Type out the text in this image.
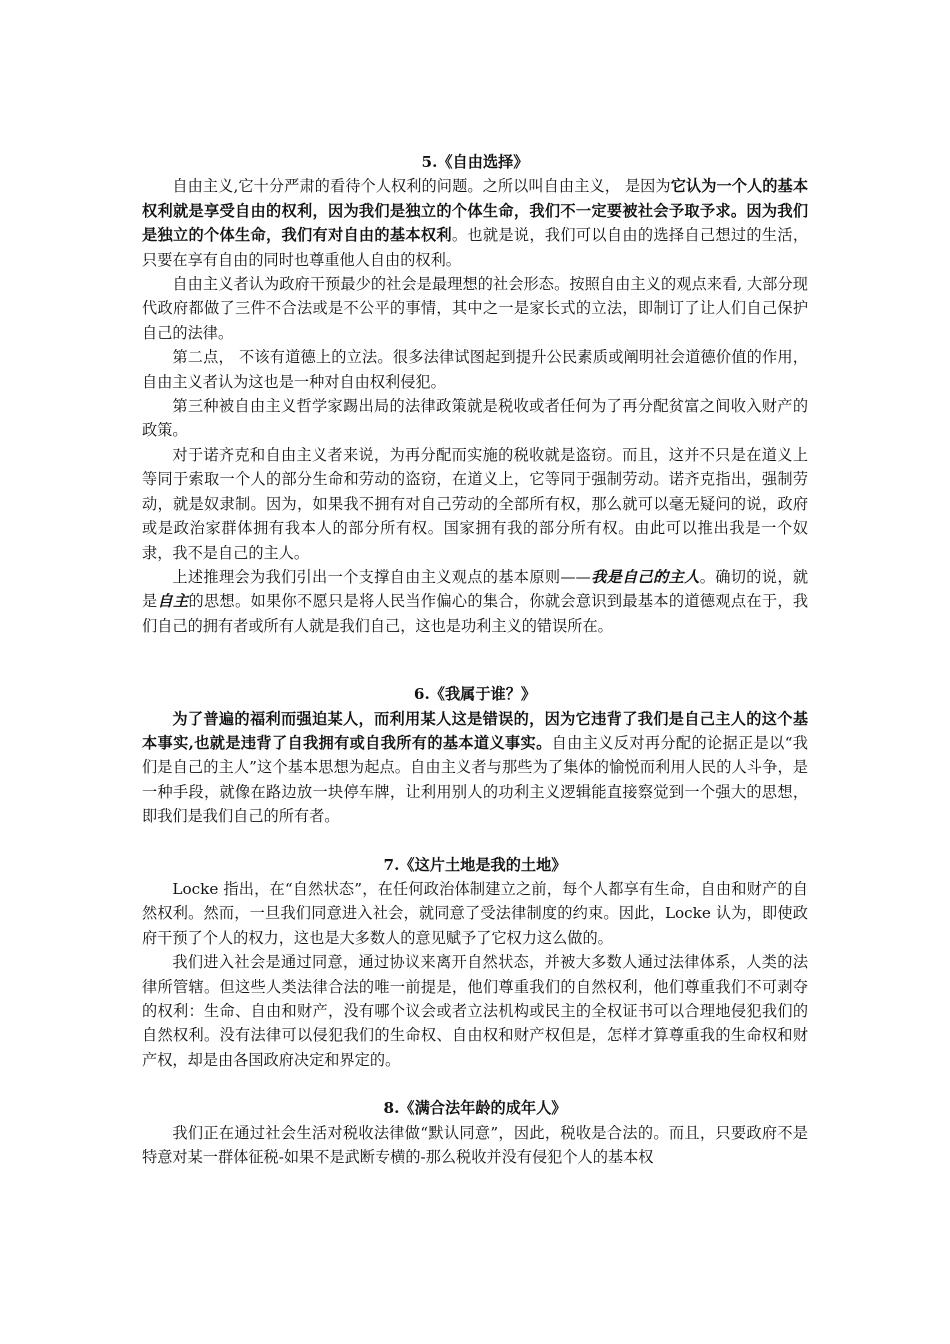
5.《自由选择》

自由主义,它十分严肃的看待个人权利的问题。之所以叫自由主义， 是因为它认为一个人的基本权利就是享受自由的权利，因为我们是独立的个体生命，我们不一定要被社会予取予求。因为我们是独立的个体生命，我们有对自由的基本权利。也就是说，我们可以自由的选择自己想过的生活，只要在享有自由的同时也尊重他人自由的权利。

自由主义者认为政府干预最少的社会是最理想的社会形态。按照自由主义的观点来看, 大部分现代政府都做了三件不合法或是不公平的事情，其中之一是家长式的立法，即制订了让人们自己保护自己的法律。

第二点， 不该有道德上的立法。很多法律试图起到提升公民素质或阐明社会道德价值的作用，自由主义者认为这也是一种对自由权利侵犯。

第三种被自由主义哲学家踢出局的法律政策就是税收或者任何为了再分配贫富之间收入财产的政策。

对于诺齐克和自由主义者来说，为再分配而实施的税收就是盗窃。而且，这并不只是在道义上等同于索取一个人的部分生命和劳动的盗窃，在道义上，它等同于强制劳动。诺齐克指出，强制劳动，就是奴隶制。因为，如果我不拥有对自己劳动的全部所有权，那么就可以毫无疑问的说，政府或是政治家群体拥有我本人的部分所有权。国家拥有我的部分所有权。由此可以推出我是一个奴隶，我不是自己的主人。

上述推理会为我们引出一个支撑自由主义观点的基本原则——我是自己的主人。确切的说，就是自主的思想。如果你不愿只是将人民当作偏心的集合，你就会意识到最基本的道德观点在于，我们自己的拥有者或所有人就是我们自己，这也是功利主义的错误所在。

6.《我属于谁？》

为了普遍的福利而强迫某人，而利用某人这是错误的，因为它违背了我们是自己主人的这个基本事实,也就是违背了自我拥有或自我所有的基本道义事实。自由主义反对再分配的论据正是以“我们是自己的主人”这个基本思想为起点。自由主义者与那些为了集体的愉悦而利用人民的人斗争，是一种手段，就像在路边放一块停车牌，让利用别人的功利主义逻辑能直接察觉到一个强大的思想，即我们是我们自己的所有者。

7.《这片土地是我的土地》

Locke 指出，在“自然状态”，在任何政治体制建立之前，每个人都享有生命，自由和财产的自然权利。然而，一旦我们同意进入社会，就同意了受法律制度的约束。因此，Locke 认为，即使政府干预了个人的权力，这也是大多数人的意见赋予了它权力这么做的。

我们进入社会是通过同意，通过协议来离开自然状态，并被大多数人通过法律体系，人类的法律所管辖。但这些人类法律合法的唯一前提是，他们尊重我们的自然权利，他们尊重我们不可剥夺的权利：生命、自由和财产，没有哪个议会或者立法机构或民主的全权证书可以合理地侵犯我们的自然权利。没有法律可以侵犯我们的生命权、自由权和财产权但是，怎样才算尊重我的生命权和财产权，却是由各国政府决定和界定的。

8.《满合法年龄的成年人》

我们正在通过社会生活对税收法律做“默认同意”，因此，税收是合法的。而且，只要政府不是特意对某一群体征税-如果不是武断专横的-那么税收并没有侵犯个人的基本权
